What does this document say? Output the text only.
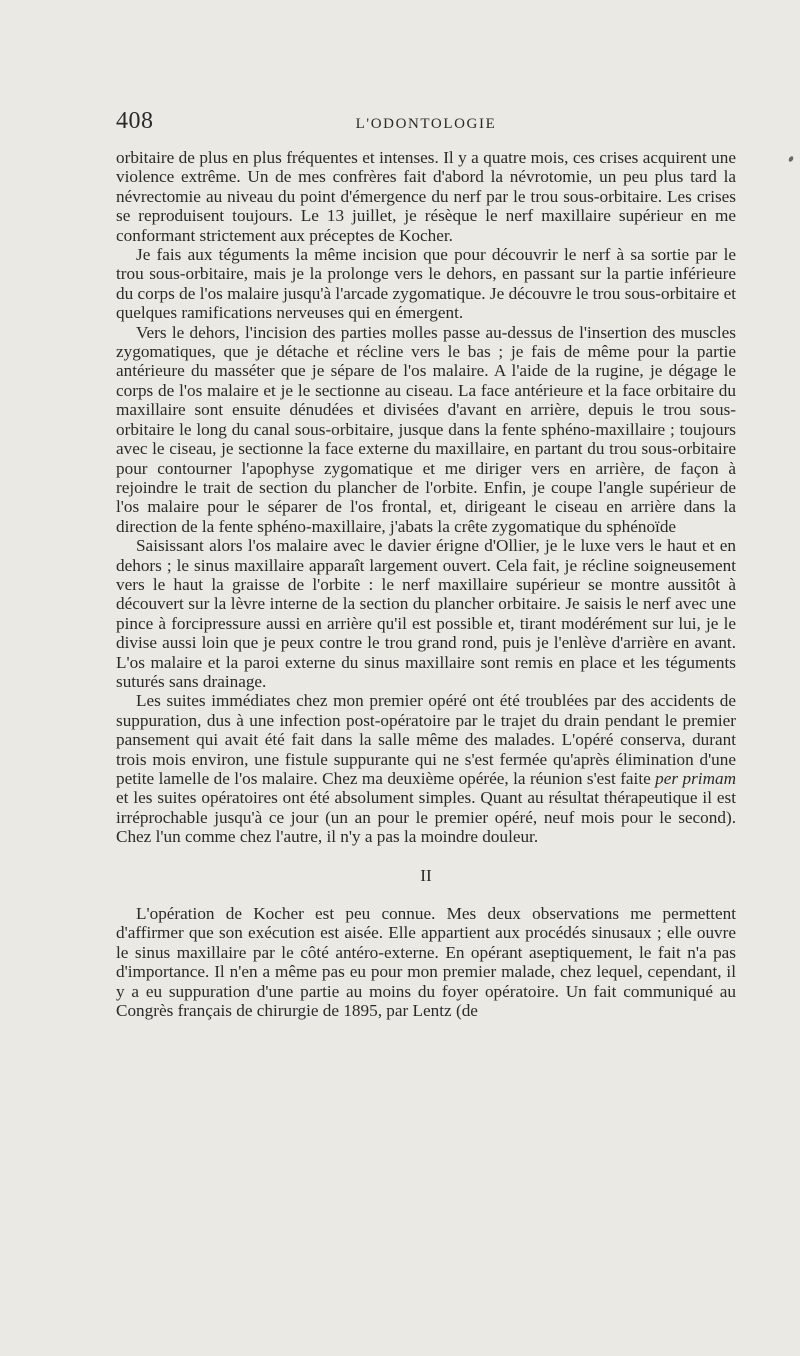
408	L'ODONTOLOGIE

orbitaire de plus en plus fréquentes et intenses. Il y a quatre mois, ces crises acquirent une violence extrême. Un de mes confrères fait d'abord la névrotomie, un peu plus tard la névrectomie au niveau du point d'émergence du nerf par le trou sous-orbitaire. Les crises se reproduisent toujours. Le 13 juillet, je résèque le nerf maxillaire supérieur en me conformant strictement aux préceptes de Kocher.

Je fais aux téguments la même incision que pour découvrir le nerf à sa sortie par le trou sous-orbitaire, mais je la prolonge vers le dehors, en passant sur la partie inférieure du corps de l'os malaire jusqu'à l'arcade zygomatique. Je découvre le trou sous-orbitaire et quelques ramifications nerveuses qui en émergent.

Vers le dehors, l'incision des parties molles passe au-dessus de l'insertion des muscles zygomatiques, que je détache et récline vers le bas ; je fais de même pour la partie antérieure du masséter que je sépare de l'os malaire. A l'aide de la rugine, je dégage le corps de l'os malaire et je le sectionne au ciseau. La face antérieure et la face orbitaire du maxillaire sont ensuite dénudées et divisées d'avant en arrière, depuis le trou sous-orbitaire le long du canal sous-orbitaire, jusque dans la fente sphéno-maxillaire ; toujours avec le ciseau, je sectionne la face externe du maxillaire, en partant du trou sous-orbitaire pour contourner l'apophyse zygomatique et me diriger vers en arrière, de façon à rejoindre le trait de section du plancher de l'orbite. Enfin, je coupe l'angle supérieur de l'os malaire pour le séparer de l'os frontal, et, dirigeant le ciseau en arrière dans la direction de la fente sphéno-maxillaire, j'abats la crête zygomatique du sphénoïde

Saisissant alors l'os malaire avec le davier érigne d'Ollier, je le luxe vers le haut et en dehors ; le sinus maxillaire apparaît largement ouvert. Cela fait, je récline soigneusement vers le haut la graisse de l'orbite : le nerf maxillaire supérieur se montre aussitôt à découvert sur la lèvre interne de la section du plancher orbitaire. Je saisis le nerf avec une pince à forcipressure aussi en arrière qu'il est possible et, tirant modérément sur lui, je le divise aussi loin que je peux contre le trou grand rond, puis je l'enlève d'arrière en avant. L'os malaire et la paroi externe du sinus maxillaire sont remis en place et les téguments suturés sans drainage.

Les suites immédiates chez mon premier opéré ont été troublées par des accidents de suppuration, dus à une infection post-opératoire par le trajet du drain pendant le premier pansement qui avait été fait dans la salle même des malades. L'opéré conserva, durant trois mois environ, une fistule suppurante qui ne s'est fermée qu'après élimination d'une petite lamelle de l'os malaire. Chez ma deuxième opérée, la réunion s'est faite per primam et les suites opératoires ont été absolument simples. Quant au résultat thérapeutique il est irréprochable jusqu'à ce jour (un an pour le premier opéré, neuf mois pour le second). Chez l'un comme chez l'autre, il n'y a pas la moindre douleur.

II

L'opération de Kocher est peu connue. Mes deux observations me permettent d'affirmer que son exécution est aisée. Elle appartient aux procédés sinusaux ; elle ouvre le sinus maxillaire par le côté antéro-externe. En opérant aseptiquement, le fait n'a pas d'importance. Il n'en a même pas eu pour mon premier malade, chez lequel, cependant, il y a eu suppuration d'une partie au moins du foyer opératoire. Un fait communiqué au Congrès français de chirurgie de 1895, par Lentz (de
